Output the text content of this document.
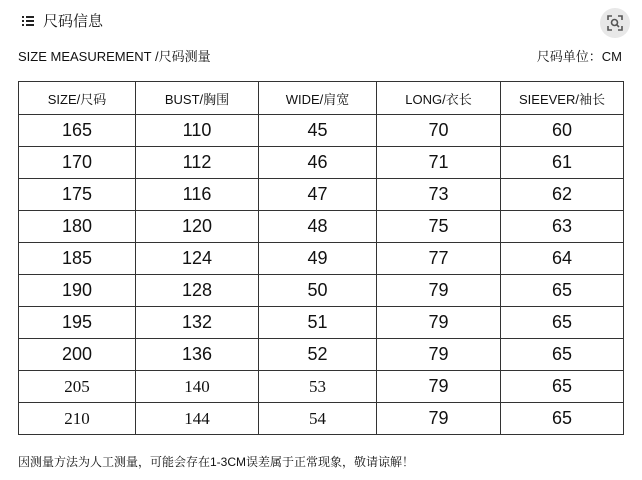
尺码信息
SIZE MEASUREMENT /尺码测量	尺码单位：CM
SIZE/尺码	BUST/胸围	WIDE/肩宽	LONG/衣长	SIEEVER/袖长
165	110	45	70	60
170	112	46	71	61
175	116	47	73	62
180	120	48	75	63
185	124	49	77	64
190	128	50	79	65
195	132	51	79	65
200	136	52	79	65
205	140	53	79	65
210	144	54	79	65
因测量方法为人工测量，可能会存在1-3CM误差属于正常现象，敬请谅解！
